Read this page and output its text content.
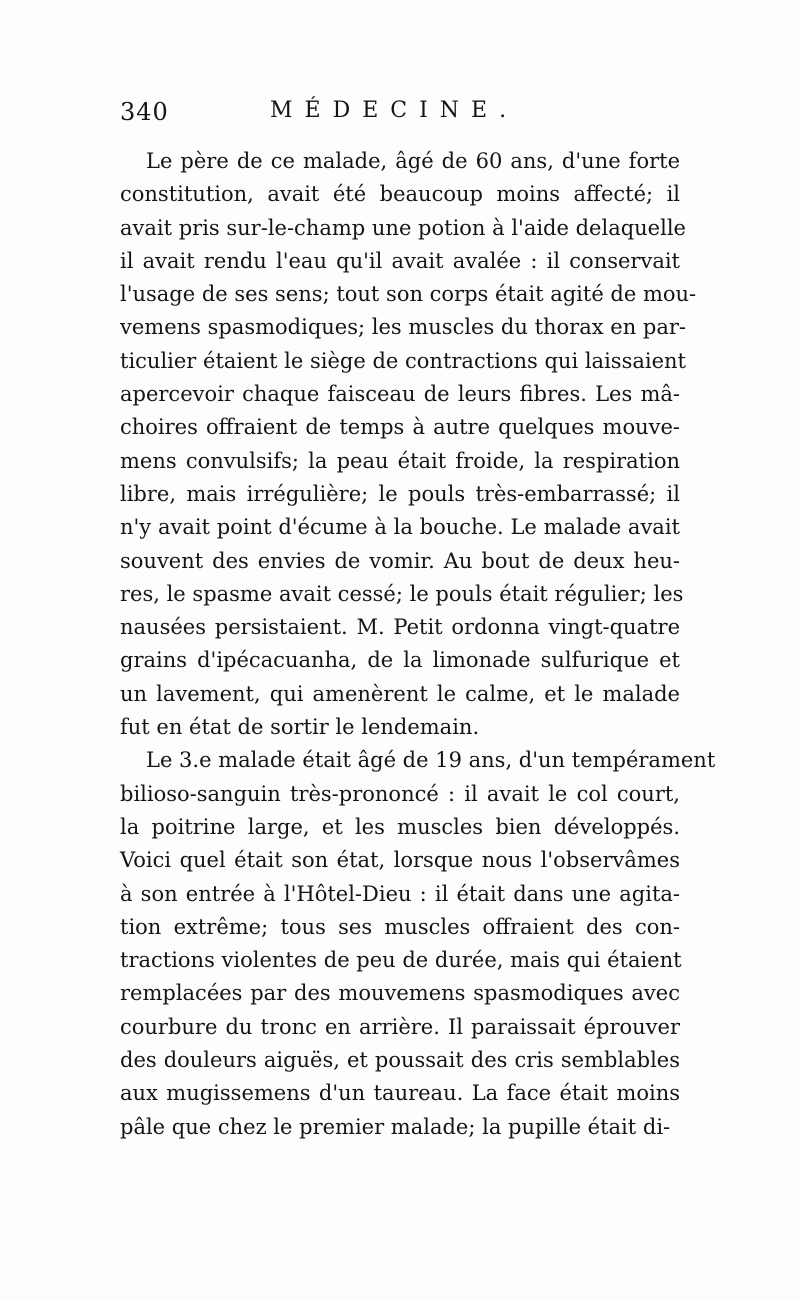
340	MÉDECINE.
Le père de ce malade, âgé de 60 ans, d'une forte
constitution, avait été beaucoup moins affecté; il
avait pris sur-le-champ une potion à l'aide delaquelle
il avait rendu l'eau qu'il avait avalée : il conservait
l'usage de ses sens; tout son corps était agité de mou-
vemens spasmodiques; les muscles du thorax en par-
ticulier étaient le siège de contractions qui laissaient
apercevoir chaque faisceau de leurs fibres. Les mâ-
choires offraient de temps à autre quelques mouve-
mens convulsifs; la peau était froide, la respiration
libre, mais irrégulière; le pouls très-embarrassé; il
n'y avait point d'écume à la bouche. Le malade avait
souvent des envies de vomir. Au bout de deux heu-
res, le spasme avait cessé; le pouls était régulier; les
nausées persistaient. M. Petit ordonna vingt-quatre
grains d'ipécacuanha, de la limonade sulfurique et
un lavement, qui amenèrent le calme, et le malade
fut en état de sortir le lendemain.
Le 3.e malade était âgé de 19 ans, d'un tempérament
bilioso-sanguin très-prononcé : il avait le col court,
la poitrine large, et les muscles bien développés.
Voici quel était son état, lorsque nous l'observâmes
à son entrée à l'Hôtel-Dieu : il était dans une agita-
tion extrême; tous ses muscles offraient des con-
tractions violentes de peu de durée, mais qui étaient
remplacées par des mouvemens spasmodiques avec
courbure du tronc en arrière. Il paraissait éprouver
des douleurs aiguës, et poussait des cris semblables
aux mugissemens d'un taureau. La face était moins
pâle que chez le premier malade; la pupille était di-
